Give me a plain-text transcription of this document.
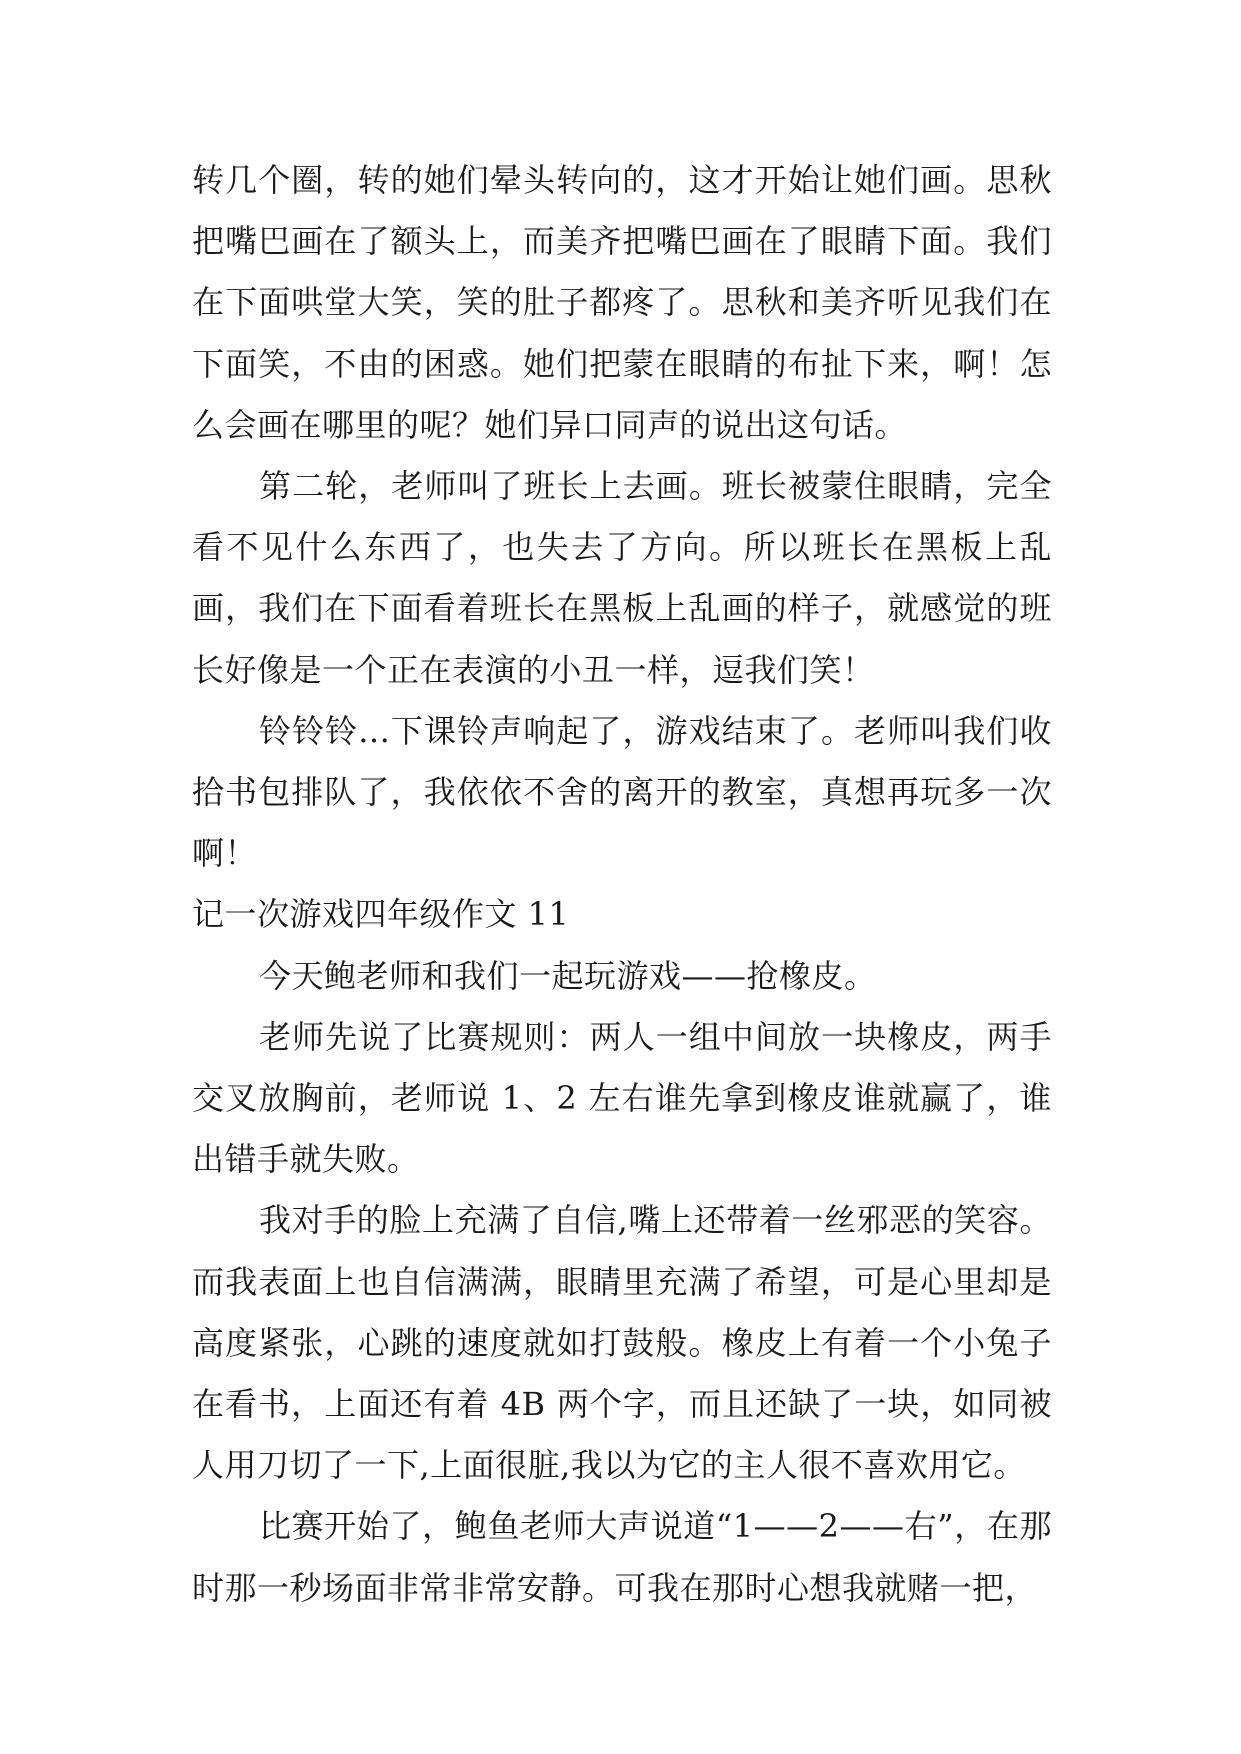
转几个圈，转的她们晕头转向的，这才开始让她们画。思秋把嘴巴画在了额头上，而美齐把嘴巴画在了眼睛下面。我们在下面哄堂大笑，笑的肚子都疼了。思秋和美齐听见我们在下面笑，不由的困惑。她们把蒙在眼睛的布扯下来，啊！怎么会画在哪里的呢？她们异口同声的说出这句话。

第二轮，老师叫了班长上去画。班长被蒙住眼睛，完全看不见什么东西了，也失去了方向。所以班长在黑板上乱画，我们在下面看着班长在黑板上乱画的样子，就感觉的班长好像是一个正在表演的小丑一样，逗我们笑！

铃铃铃...下课铃声响起了，游戏结束了。老师叫我们收拾书包排队了，我依依不舍的离开的教室，真想再玩多一次啊！

记一次游戏四年级作文 11

今天鲍老师和我们一起玩游戏——抢橡皮。

老师先说了比赛规则：两人一组中间放一块橡皮，两手交叉放胸前，老师说 1、2 左右谁先拿到橡皮谁就赢了，谁出错手就失败。

我对手的脸上充满了自信,嘴上还带着一丝邪恶的笑容。而我表面上也自信满满，眼睛里充满了希望，可是心里却是高度紧张，心跳的速度就如打鼓般。橡皮上有着一个小兔子在看书，上面还有着 4B 两个字，而且还缺了一块，如同被人用刀切了一下,上面很脏,我以为它的主人很不喜欢用它。

比赛开始了，鲍鱼老师大声说道“1——2——右”，在那时那一秒场面非常非常安静。可我在那时心想我就赌一把，
